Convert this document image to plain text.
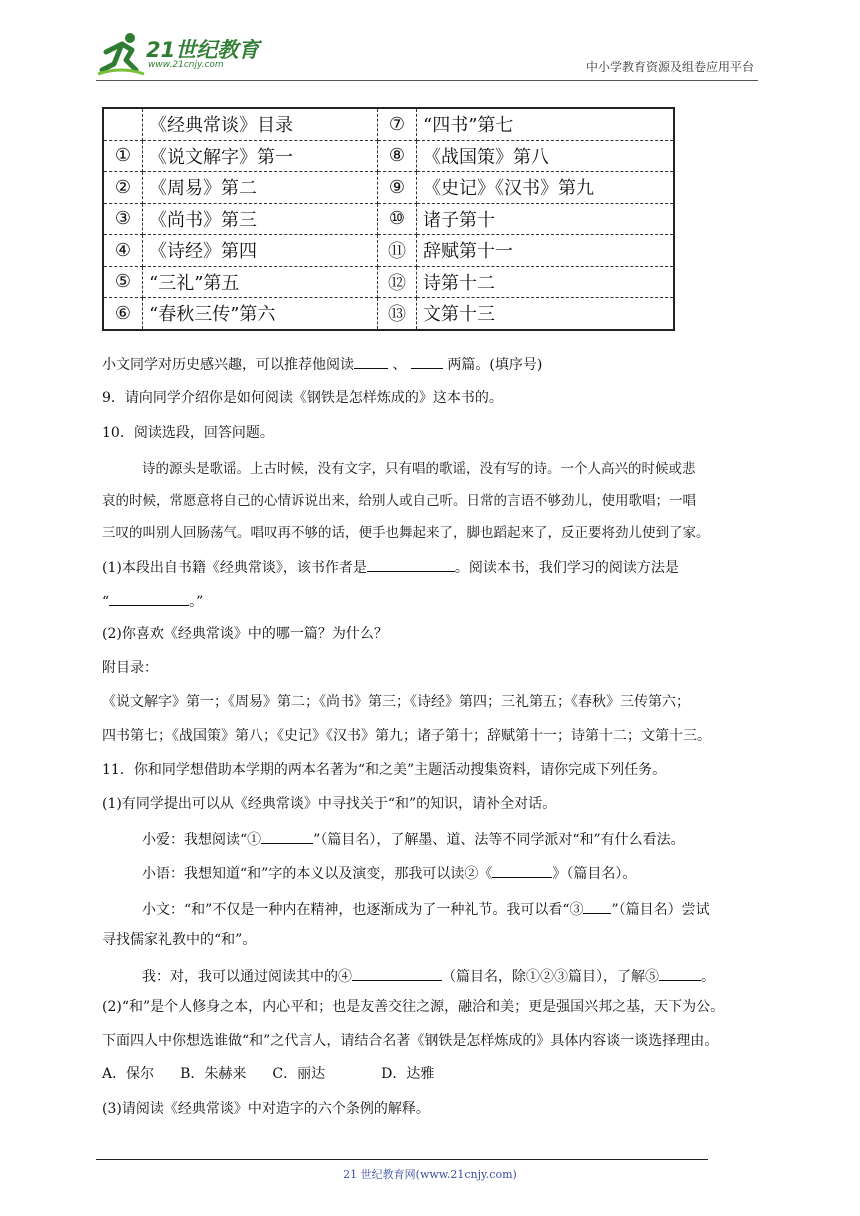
21世纪教育
www.21cnjy.com	中小学教育资源及组卷应用平台
	《经典常谈》目录	⑦	“四书”第七
①	《说文解字》第一	⑧	《战国策》第八
②	《周易》第二	⑨	《史记》《汉书》第九
③	《尚书》第三	⑩	诸子第十
④	《诗经》第四	⑪	辞赋第十一
⑤	“三礼”第五	⑫	诗第十二
⑥	“春秋三传”第六	⑬	文第十三
小文同学对历史感兴趣，可以推荐他阅读	、	两篇。(填序号)
9．请向同学介绍你是如何阅读《钢铁是怎样炼成的》这本书的。
10．阅读选段，回答问题。
诗的源头是歌谣。上古时候，没有文字，只有唱的歌谣，没有写的诗。一个人高兴的时候或悲
哀的时候，常愿意将自己的心情诉说出来，给别人或自己听。日常的言语不够劲儿，使用歌唱；一唱
三叹的叫别人回肠荡气。唱叹再不够的话，便手也舞起来了，脚也蹈起来了，反正要将劲儿使到了家。
(1)本段出自书籍《经典常谈》，该书作者是	。阅读本书，我们学习的阅读方法是
“	。”
(2)你喜欢《经典常谈》中的哪一篇？为什么？
附目录：
《说文解字》第一；《周易》第二；《尚书》第三；《诗经》第四；三礼第五；《春秋》三传第六；
四书第七；《战国策》第八；《史记》《汉书》第九；诸子第十；辞赋第十一；诗第十二；文第十三。
11．你和同学想借助本学期的两本名著为“和之美”主题活动搜集资料，请你完成下列任务。
(1)有同学提出可以从《经典常谈》中寻找关于“和”的知识，请补全对话。
小爱：我想阅读“①	”（篇目名），了解墨、道、法等不同学派对“和”有什么看法。
小语：我想知道“和”字的本义以及演变，那我可以读②《	》（篇目名）。
小文：“和”不仅是一种内在精神，也逐渐成为了一种礼节。我可以看“③ ”（篇目名）尝试
寻找儒家礼教中的“和”。
我：对，我可以通过阅读其中的④	（篇目名，除①②③篇目），了解⑤	。
(2)“和”是个人修身之本，内心平和；也是友善交往之源，融洽和美；更是强国兴邦之基，天下为公。
下面四人中你想选谁做“和”之代言人，请结合名著《钢铁是怎样炼成的》具体内容谈一谈选择理由。
A．保尔 B．朱赫来 C．丽达	D．达雅
(3)请阅读《经典常谈》中对造字的六个条例的解释。
21 世纪教育网(www.21cnjy.com)
